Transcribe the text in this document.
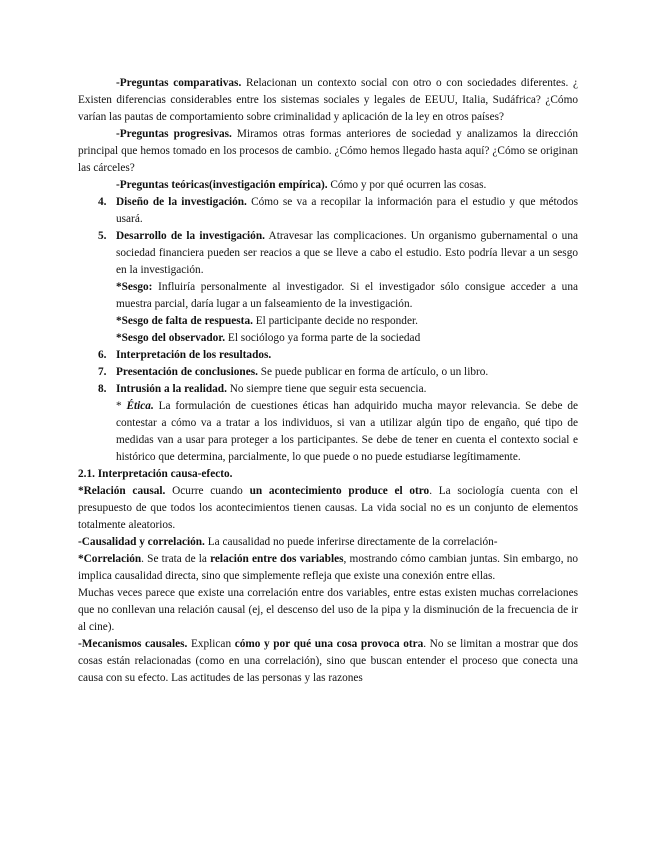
-Preguntas comparativas. Relacionan un contexto social con otro o con sociedades diferentes. ¿ Existen diferencias considerables entre los sistemas sociales y legales de EEUU, Italia, Sudáfrica? ¿Cómo varían las pautas de comportamiento sobre criminalidad y aplicación de la ley en otros países?

-Preguntas progresivas. Miramos otras formas anteriores de sociedad y analizamos la dirección principal que hemos tomado en los procesos de cambio. ¿Cómo hemos llegado hasta aquí? ¿Cómo se originan las cárceles?

-Preguntas teóricas(investigación empírica). Cómo y por qué ocurren las cosas.

4. Diseño de la investigación. Cómo se va a recopilar la información para el estudio y que métodos usará.

5. Desarrollo de la investigación. Atravesar las complicaciones. Un organismo gubernamental o una sociedad financiera pueden ser reacios a que se lleve a cabo el estudio. Esto podría llevar a un sesgo en la investigación.

*Sesgo: Influiría personalmente al investigador. Si el investigador sólo consigue acceder a una muestra parcial, daría lugar a un falseamiento de la investigación.

*Sesgo de falta de respuesta. El participante decide no responder.

*Sesgo del observador. El sociólogo ya forma parte de la sociedad

6. Interpretación de los resultados.

7. Presentación de conclusiones. Se puede publicar en forma de artículo, o un libro.

8. Intrusión a la realidad. No siempre tiene que seguir esta secuencia.

* Ética. La formulación de cuestiones éticas han adquirido mucha mayor relevancia. Se debe de contestar a cómo va a tratar a los individuos, si van a utilizar algún tipo de engaño, qué tipo de medidas van a usar para proteger a los participantes. Se debe de tener en cuenta el contexto social e histórico que determina, parcialmente, lo que puede o no puede estudiarse legítimamente.

2.1. Interpretación causa-efecto.

*Relación causal. Ocurre cuando un acontecimiento produce el otro. La sociología cuenta con el presupuesto de que todos los acontecimientos tienen causas. La vida social no es un conjunto de elementos totalmente aleatorios.

-Causalidad y correlación. La causalidad no puede inferirse directamente de la correlación-

*Correlación. Se trata de la relación entre dos variables, mostrando cómo cambian juntas. Sin embargo, no implica causalidad directa, sino que simplemente refleja que existe una conexión entre ellas.

Muchas veces parece que existe una correlación entre dos variables, entre estas existen muchas correlaciones que no conllevan una relación causal (ej, el descenso del uso de la pipa y la disminución de la frecuencia de ir al cine).

-Mecanismos causales. Explican cómo y por qué una cosa provoca otra. No se limitan a mostrar que dos cosas están relacionadas (como en una correlación), sino que buscan entender el proceso que conecta una causa con su efecto. Las actitudes de las personas y las razones
